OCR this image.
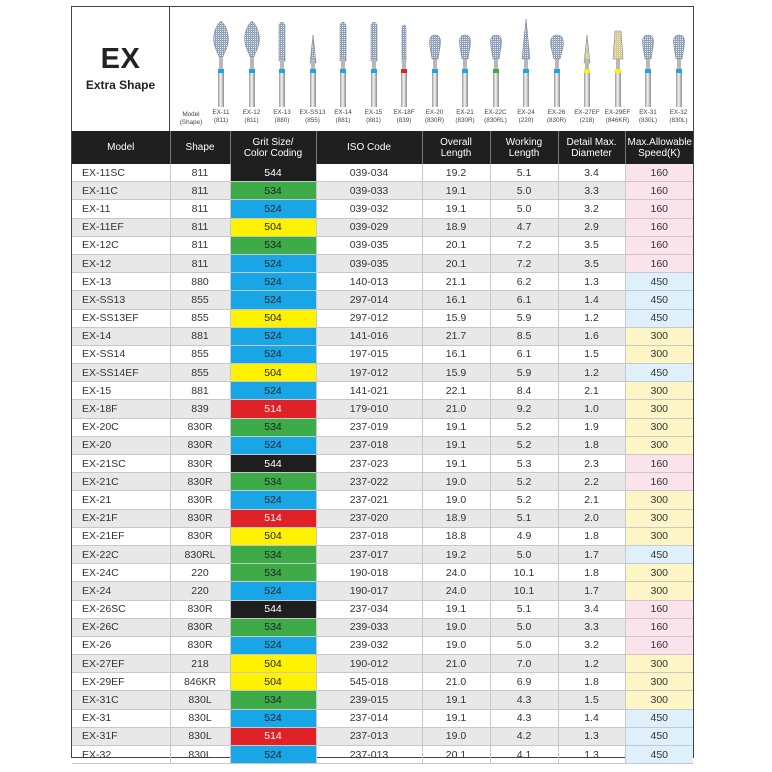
EX
Extra Shape
Model
(Shape)
EX-11
(811)
EX-12
(811)
EX-13
(880)
EX-SS13
(855)
EX-14
(881)
EX-15
(881)
EX-18F
(839)
EX-20
(830R)
EX-21
(830R)
EX-22C
(830RL)
EX-24
(220)
EX-26
(830R)
EX-27EF
(218)
EX-29EF
(846KR)
EX-31
(830L)
EX-32
(830L)
Model	Shape	Grit Size/
Color Coding	ISO Code	Overall
Length	Working
Length	Detail Max.
Diameter	Max.Allowable
Speed(K)
EX-11SC	811	544	039-034	19.2	5.1	3.4	160
EX-11C	811	534	039-033	19.1	5.0	3.3	160
EX-11	811	524	039-032	19.1	5.0	3.2	160
EX-11EF	811	504	039-029	18.9	4.7	2.9	160
EX-12C	811	534	039-035	20.1	7.2	3.5	160
EX-12	811	524	039-035	20.1	7.2	3.5	160
EX-13	880	524	140-013	21.1	6.2	1.3	450
EX-SS13	855	524	297-014	16.1	6.1	1.4	450
EX-SS13EF	855	504	297-012	15.9	5.9	1.2	450
EX-14	881	524	141-016	21.7	8.5	1.6	300
EX-SS14	855	524	197-015	16.1	6.1	1.5	300
EX-SS14EF	855	504	197-012	15.9	5.9	1.2	450
EX-15	881	524	141-021	22.1	8.4	2.1	300
EX-18F	839	514	179-010	21.0	9.2	1.0	300
EX-20C	830R	534	237-019	19.1	5.2	1.9	300
EX-20	830R	524	237-018	19.1	5.2	1.8	300
EX-21SC	830R	544	237-023	19.1	5.3	2.3	160
EX-21C	830R	534	237-022	19.0	5.2	2.2	160
EX-21	830R	524	237-021	19.0	5.2	2.1	300
EX-21F	830R	514	237-020	18.9	5.1	2.0	300
EX-21EF	830R	504	237-018	18.8	4.9	1.8	300
EX-22C	830RL	534	237-017	19.2	5.0	1.7	450
EX-24C	220	534	190-018	24.0	10.1	1.8	300
EX-24	220	524	190-017	24.0	10.1	1.7	300
EX-26SC	830R	544	237-034	19.1	5.1	3.4	160
EX-26C	830R	534	239-033	19.0	5.0	3.3	160
EX-26	830R	524	239-032	19.0	5.0	3.2	160
EX-27EF	218	504	190-012	21.0	7.0	1.2	300
EX-29EF	846KR	504	545-018	21.0	6.9	1.8	300
EX-31C	830L	534	239-015	19.1	4.3	1.5	300
EX-31	830L	524	237-014	19.1	4.3	1.4	450
EX-31F	830L	514	237-013	19.0	4.2	1.3	450
EX-32	830L	524	237-013	20.1	4.1	1.3	450
